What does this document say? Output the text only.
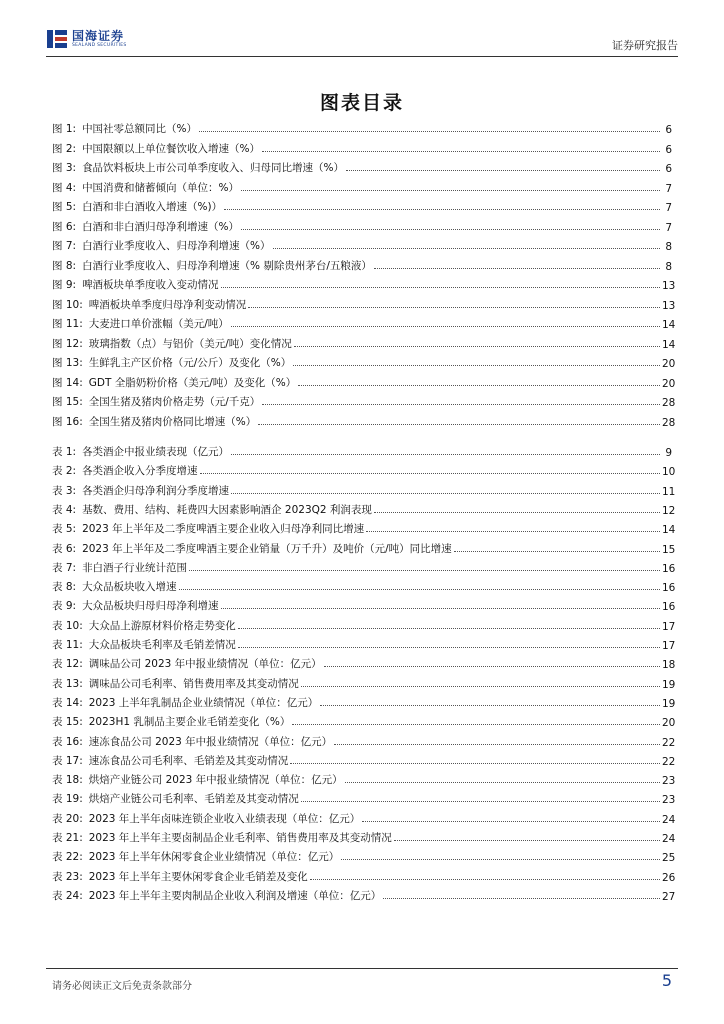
国海证券
SEALAND SECURITIES	证券研究报告
图表目录
图 1: 中国社零总额同比（%）	6
图 2: 中国限额以上单位餐饮收入增速（%）	6
图 3: 食品饮料板块上市公司单季度收入、归母同比增速（%）	6
图 4: 中国消费和储蓄倾向（单位：%）	7
图 5: 白酒和非白酒收入增速（%)）	7
图 6: 白酒和非白酒归母净利增速（%）	7
图 7: 白酒行业季度收入、归母净利增速（%）	8
图 8: 白酒行业季度收入、归母净利增速（% 剔除贵州茅台/五粮液）	8
图 9: 啤酒板块单季度收入变动情况	13
图 10: 啤酒板块单季度归母净利变动情况	13
图 11: 大麦进口单价涨幅（美元/吨）	14
图 12: 玻璃指数（点）与铝价（美元/吨）变化情况	14
图 13: 生鲜乳主产区价格（元/公斤）及变化（%）	20
图 14: GDT 全脂奶粉价格（美元/吨）及变化（%）	20
图 15: 全国生猪及猪肉价格走势（元/千克）	28
图 16: 全国生猪及猪肉价格同比增速（%）	28
表 1: 各类酒企中报业绩表现（亿元）	9
表 2: 各类酒企收入分季度增速	10
表 3: 各类酒企归母净利润分季度增速	11
表 4: 基数、费用、结构、耗费四大因素影响酒企 2023Q2 利润表现	12
表 5: 2023 年上半年及二季度啤酒主要企业收入归母净利同比增速	14
表 6: 2023 年上半年及二季度啤酒主要企业销量（万千升）及吨价（元/吨）同比增速	15
表 7: 非白酒子行业统计范围	16
表 8: 大众品板块收入增速	16
表 9: 大众品板块归母归母净利增速	16
表 10: 大众品上游原材料价格走势变化	17
表 11: 大众品板块毛利率及毛销差情况	17
表 12: 调味品公司 2023 年中报业绩情况（单位：亿元）	18
表 13: 调味品公司毛利率、销售费用率及其变动情况	19
表 14: 2023 上半年乳制品企业业绩情况（单位：亿元）	19
表 15: 2023H1 乳制品主要企业毛销差变化（%）	20
表 16: 速冻食品公司 2023 年中报业绩情况（单位：亿元）	22
表 17: 速冻食品公司毛利率、毛销差及其变动情况	22
表 18: 烘焙产业链公司 2023 年中报业绩情况（单位：亿元）	23
表 19: 烘焙产业链公司毛利率、毛销差及其变动情况	23
表 20: 2023 年上半年卤味连锁企业收入业绩表现（单位：亿元）	24
表 21: 2023 年上半年主要卤制品企业毛利率、销售费用率及其变动情况	24
表 22: 2023 年上半年休闲零食企业业绩情况（单位：亿元）	25
表 23: 2023 年上半年主要休闲零食企业毛销差及变化	26
表 24: 2023 年上半年主要肉制品企业收入利润及增速（单位：亿元）	27
请务必阅读正文后免责条款部分	5
